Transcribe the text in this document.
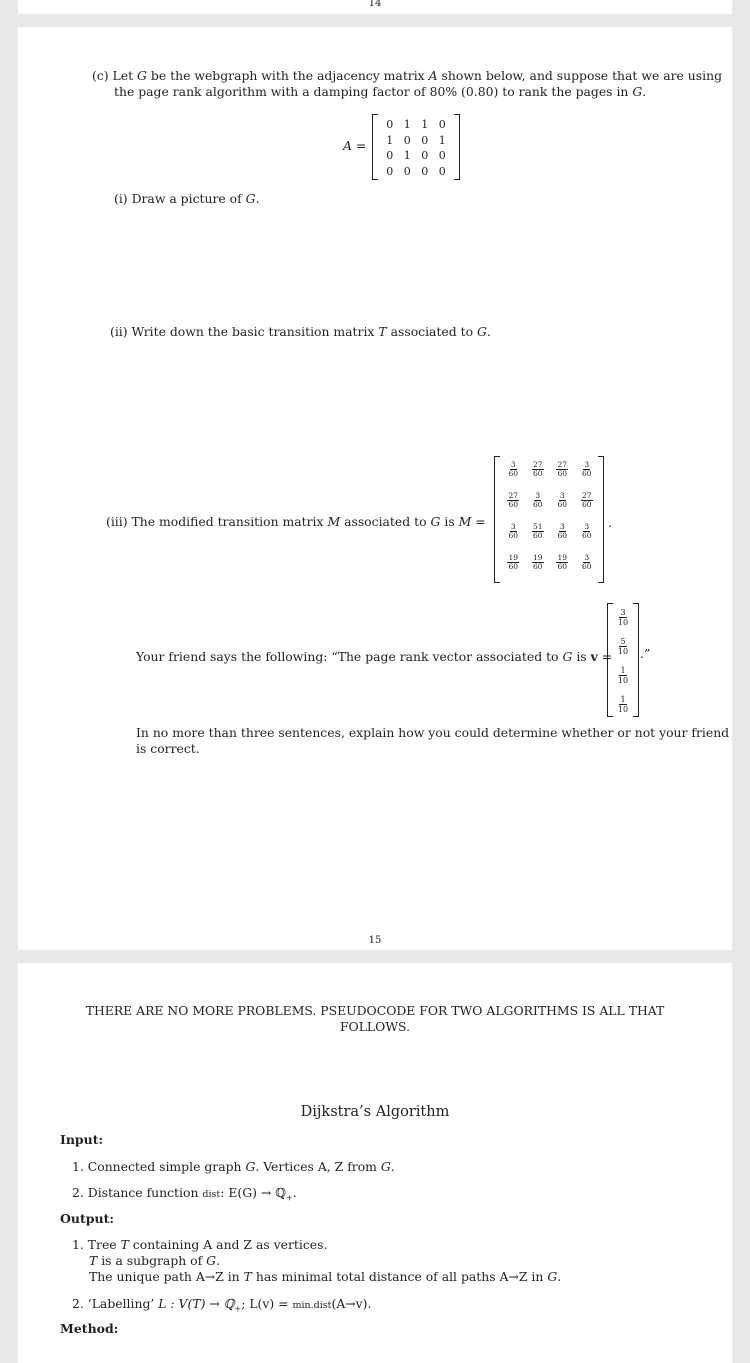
14
(c) Let G be the webgraph with the adjacency matrix A shown below, and suppose that we are using
the page rank algorithm with a damping factor of 80% (0.80) to rank the pages in G.
A =
0 1 1 0
1 0 0 1
0 1 0 0
0 0 0 0
(i) Draw a picture of G.
(ii) Write down the basic transition matrix T associated to G.
(iii) The modified transition matrix M associated to G is M =
$\frac{3}{60} \frac{27}{60} \frac{27}{60} \frac{3}{60}$
$\frac{27}{60} \frac{3}{60} \frac{3}{60} \frac{27}{60}$
$\frac{3}{60} \frac{51}{60} \frac{3}{60} \frac{3}{60}$
$\frac{19}{60} \frac{19}{60} \frac{19}{60} \frac{3}{60}$
.
Your friend says the following: “The page rank vector associated to G is v =
$\frac{3}{10}$
$\frac{5}{10}$
$\frac{1}{10}$
$\frac{1}{10}$
.”
In no more than three sentences, explain how you could determine whether or not your friend
is correct.
15
THERE ARE NO MORE PROBLEMS. PSEUDOCODE FOR TWO ALGORITHMS IS ALL THAT
FOLLOWS.
Dijkstra’s Algorithm
Input:
1. Connected simple graph G. Vertices A, Z from G.
2. Distance function dist: E(G) → ℚ$_+$.
Output:
1. Tree T containing A and Z as vertices.
T is a subgraph of G.
The unique path A→Z in T has minimal total distance of all paths A→Z in G.
2. ‘Labelling’ L : V(T) → ℚ$_+$; L(v) = min.dist(A→v).
Method:
